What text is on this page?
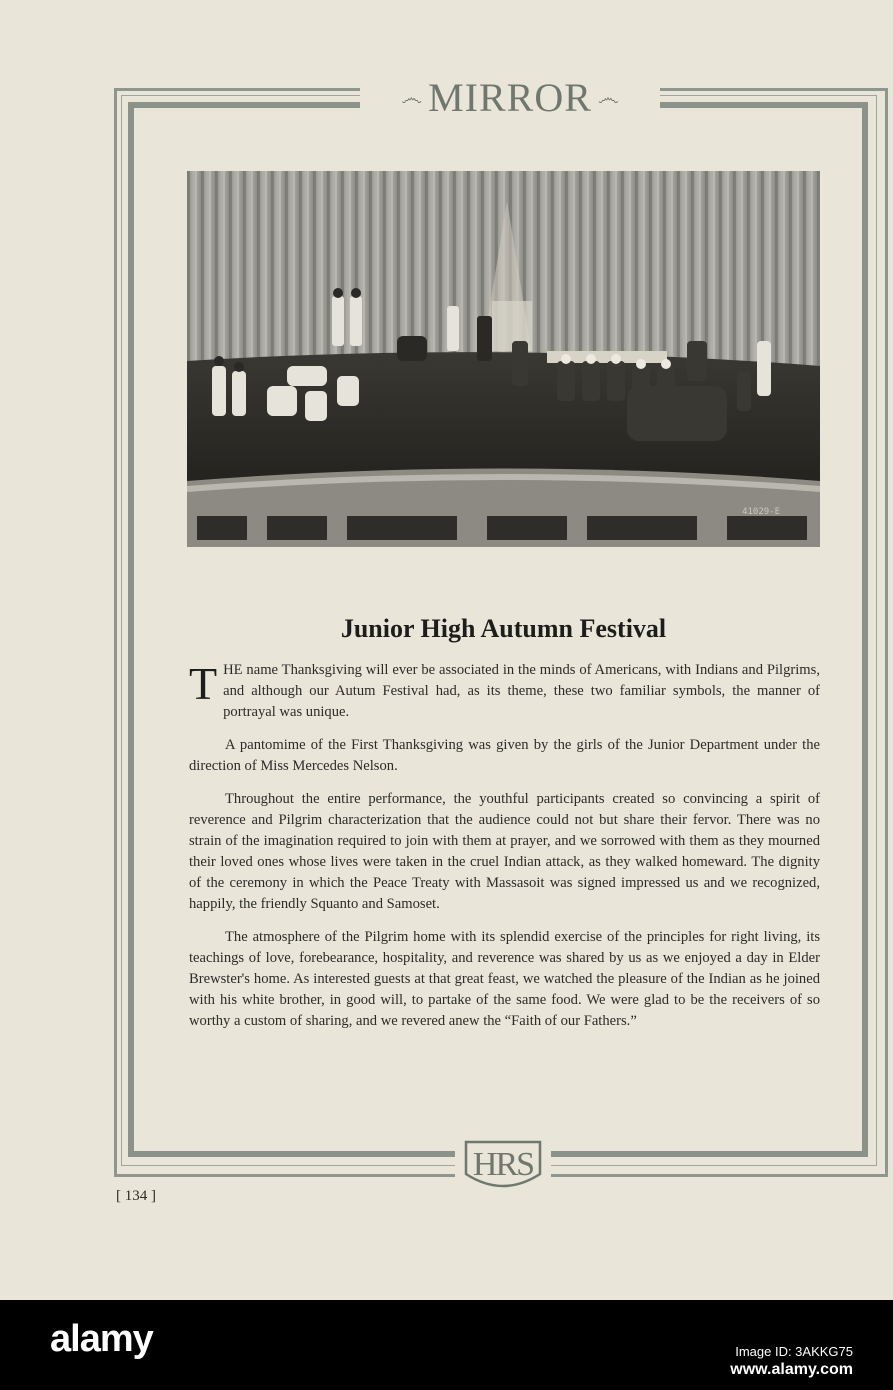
෴ MIRROR ෴
41029-E
Junior High Autumn Festival

THE name Thanksgiving will ever be associated in the minds of Americans, with Indians and Pilgrims, and although our Autum Festival had, as its theme, these two familiar symbols, the manner of portrayal was unique.

A pantomime of the First Thanksgiving was given by the girls of the Junior Department under the direction of Miss Mercedes Nelson.

Throughout the entire performance, the youthful participants created so convincing a spirit of reverence and Pilgrim characterization that the audience could not but share their fervor. There was no strain of the imagination required to join with them at prayer, and we sorrowed with them as they mourned their loved ones whose lives were taken in the cruel Indian attack, as they walked homeward. The dignity of the ceremony in which the Peace Treaty with Massasoit was signed impressed us and we recognized, happily, the friendly Squanto and Samoset.

The atmosphere of the Pilgrim home with its splendid exercise of the principles for right living, its teachings of love, forebearance, hospitality, and reverence was shared by us as we enjoyed a day in Elder Brewster's home. As interested guests at that great feast, we watched the pleasure of the Indian as he joined with his white brother, in good will, to partake of the same food. We were glad to be the receivers of so worthy a custom of sharing, and we revered anew the “Faith of our Fathers.”

HRS
[ 134 ]
alamy	Image ID: 3AKKG75
www.alamy.com
